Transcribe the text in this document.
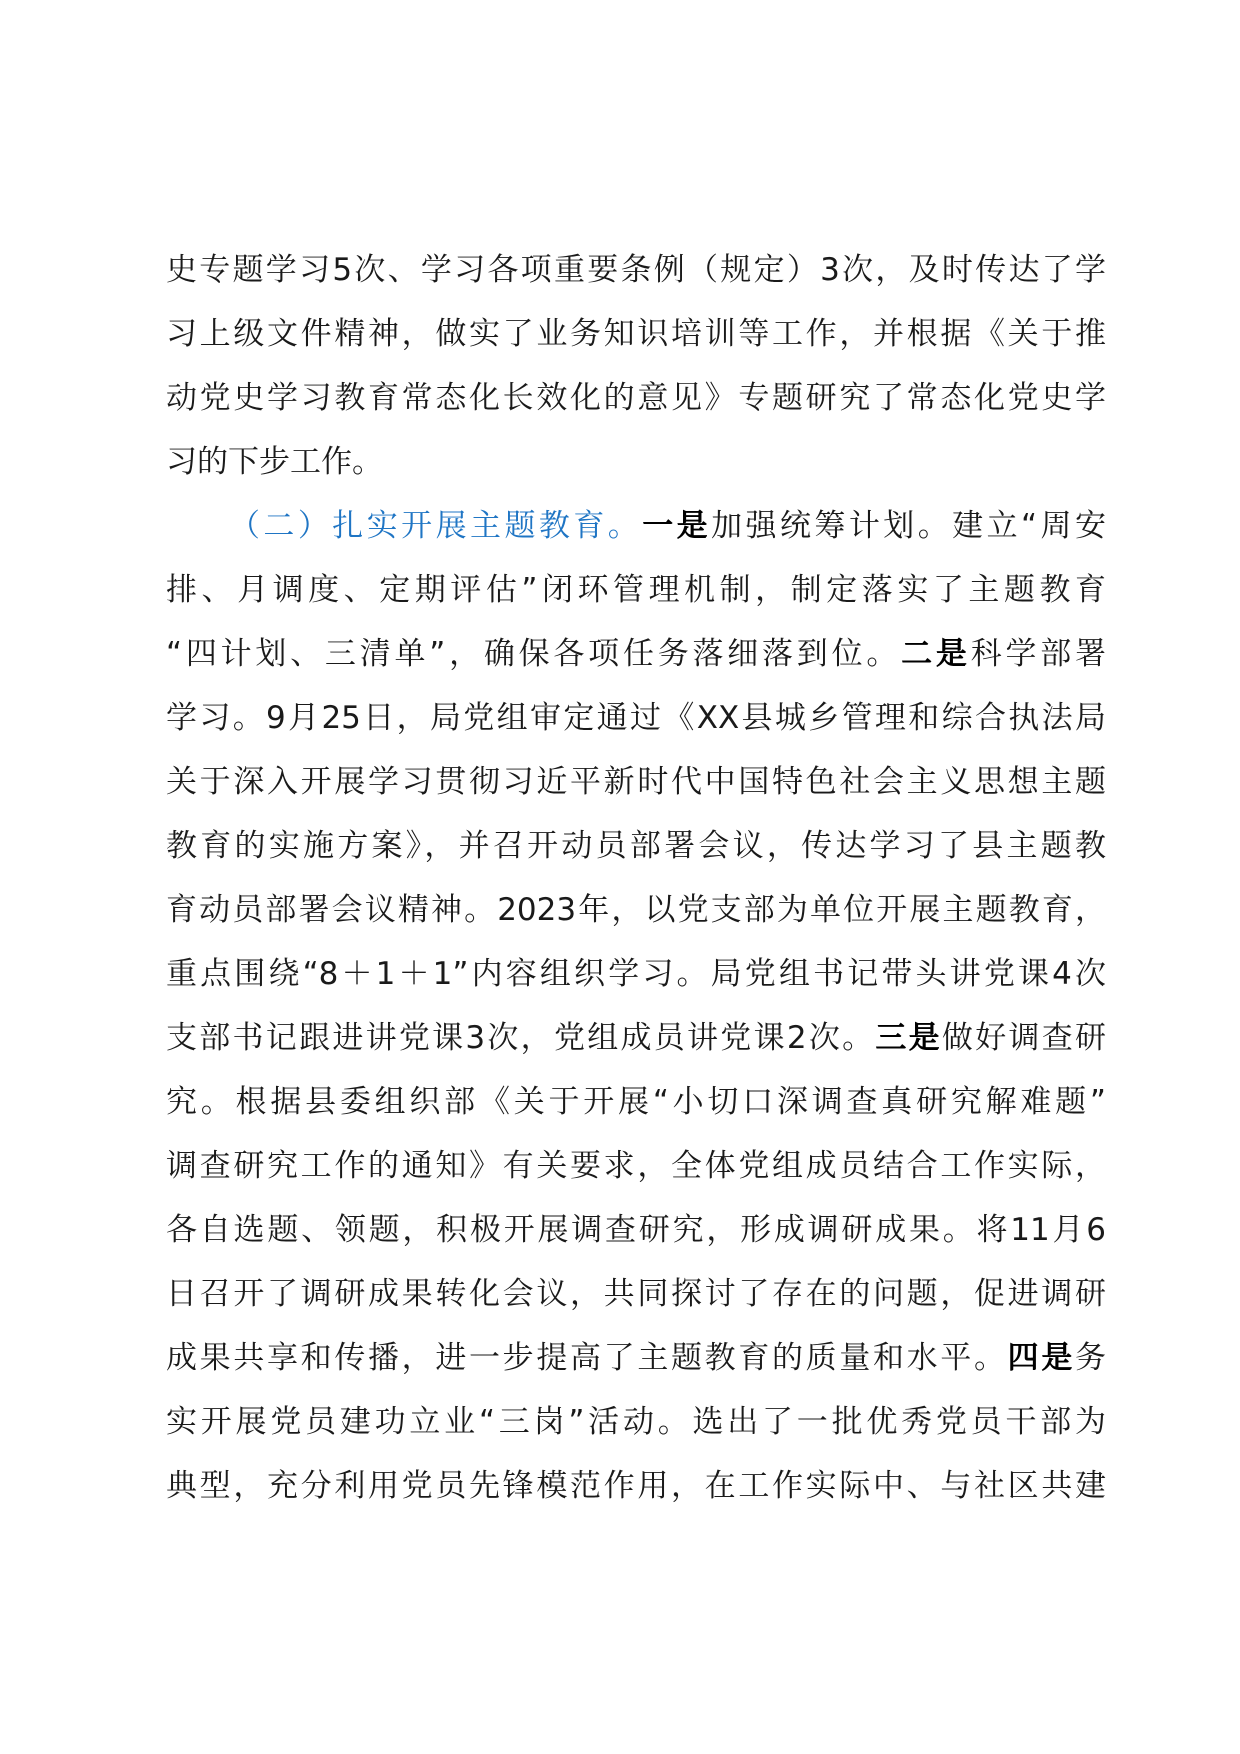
史专题学习5次、学习各项重要条例（规定）3次，及时传达了学
习上级文件精神，做实了业务知识培训等工作，并根据《关于推
动党史学习教育常态化长效化的意见》专题研究了常态化党史学
习的下步工作。
（二）扎实开展主题教育。一是加强统筹计划。建立“周安
排、月调度、定期评估”闭环管理机制，制定落实了主题教育
“四计划、三清单”，确保各项任务落细落到位。二是科学部署
学习。9月25日，局党组审定通过《XX县城乡管理和综合执法局
关于深入开展学习贯彻习近平新时代中国特色社会主义思想主题
教育的实施方案》，并召开动员部署会议，传达学习了县主题教
育动员部署会议精神。2023年，以党支部为单位开展主题教育，
重点围绕“8＋1＋1”内容组织学习。局党组书记带头讲党课4次
支部书记跟进讲党课3次，党组成员讲党课2次。三是做好调查研
究。根据县委组织部《关于开展“小切口深调查真研究解难题”
调查研究工作的通知》有关要求，全体党组成员结合工作实际，
各自选题、领题，积极开展调查研究，形成调研成果。将11月6
日召开了调研成果转化会议，共同探讨了存在的问题，促进调研
成果共享和传播，进一步提高了主题教育的质量和水平。四是务
实开展党员建功立业“三岗”活动。选出了一批优秀党员干部为
典型，充分利用党员先锋模范作用，在工作实际中、与社区共建
